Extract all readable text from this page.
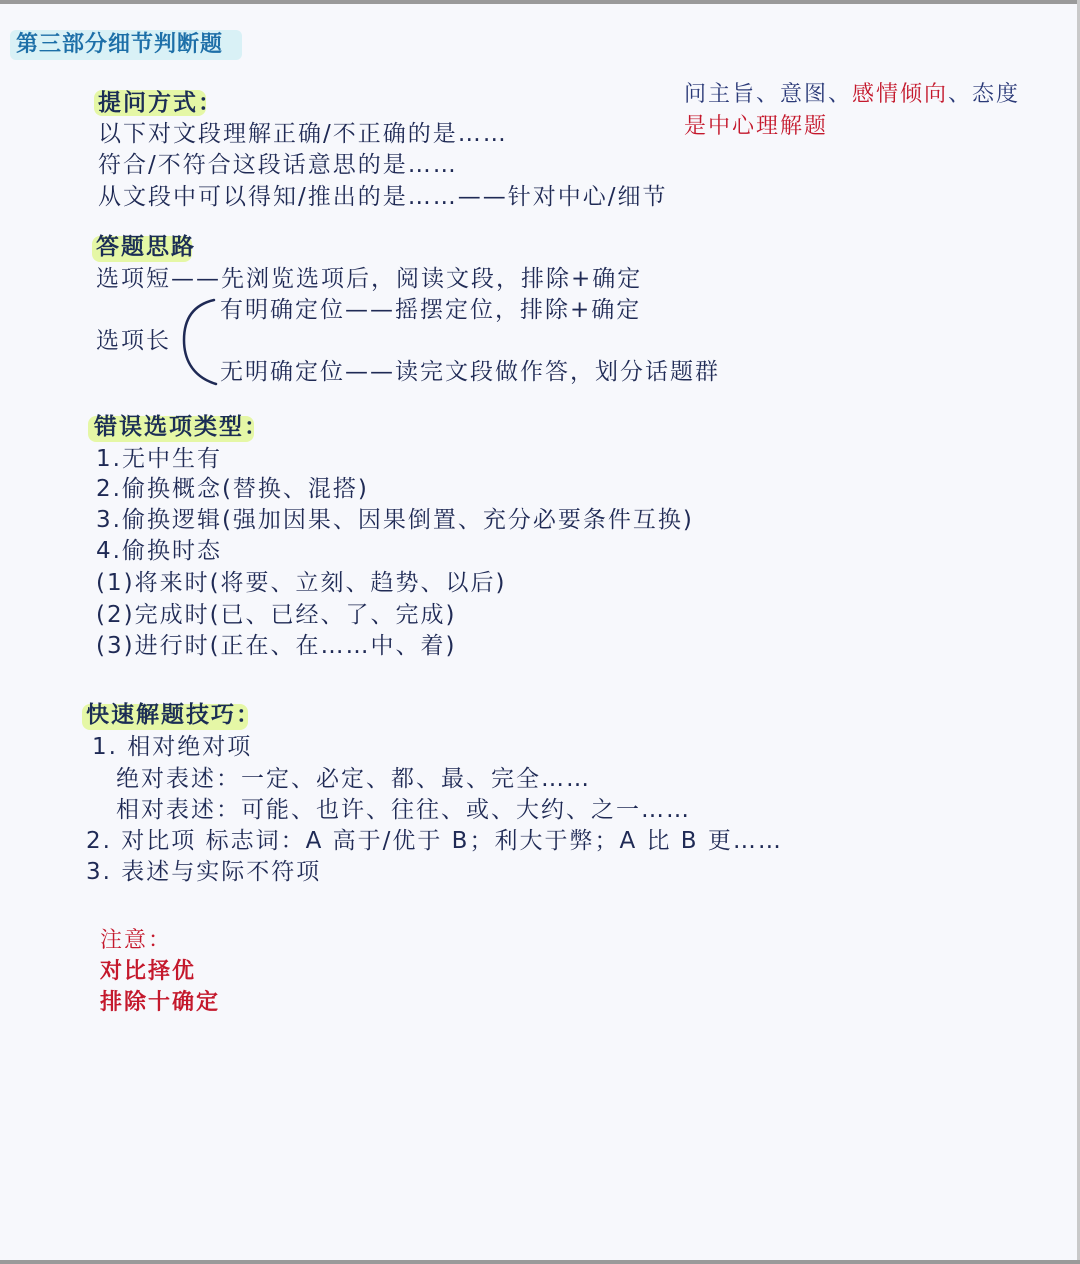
第三部分细节判断题
问主旨、意图、感情倾向、态度
是中心理解题
提问方式：
以下对文段理解正确/不正确的是……
符合/不符合这段话意思的是……
从文段中可以得知/推出的是……——针对中心/细节
答题思路
选项短——先浏览选项后，阅读文段，排除+确定
选项长
有明确定位——摇摆定位，排除+确定
无明确定位——读完文段做作答，划分话题群
错误选项类型：
1.无中生有
2.偷换概念(替换、混搭)
3.偷换逻辑(强加因果、因果倒置、充分必要条件互换)
4.偷换时态
(1)将来时(将要、立刻、趋势、以后)
(2)完成时(已、已经、了、完成)
(3)进行时(正在、在……中、着)
快速解题技巧：
1. 相对绝对项
绝对表述：一定、必定、都、最、完全……
相对表述：可能、也许、往往、或、大约、之一……
2. 对比项 标志词：A 高于/优于 B；利大于弊；A 比 B 更……
3. 表述与实际不符项
注意：
对比择优
排除十确定
